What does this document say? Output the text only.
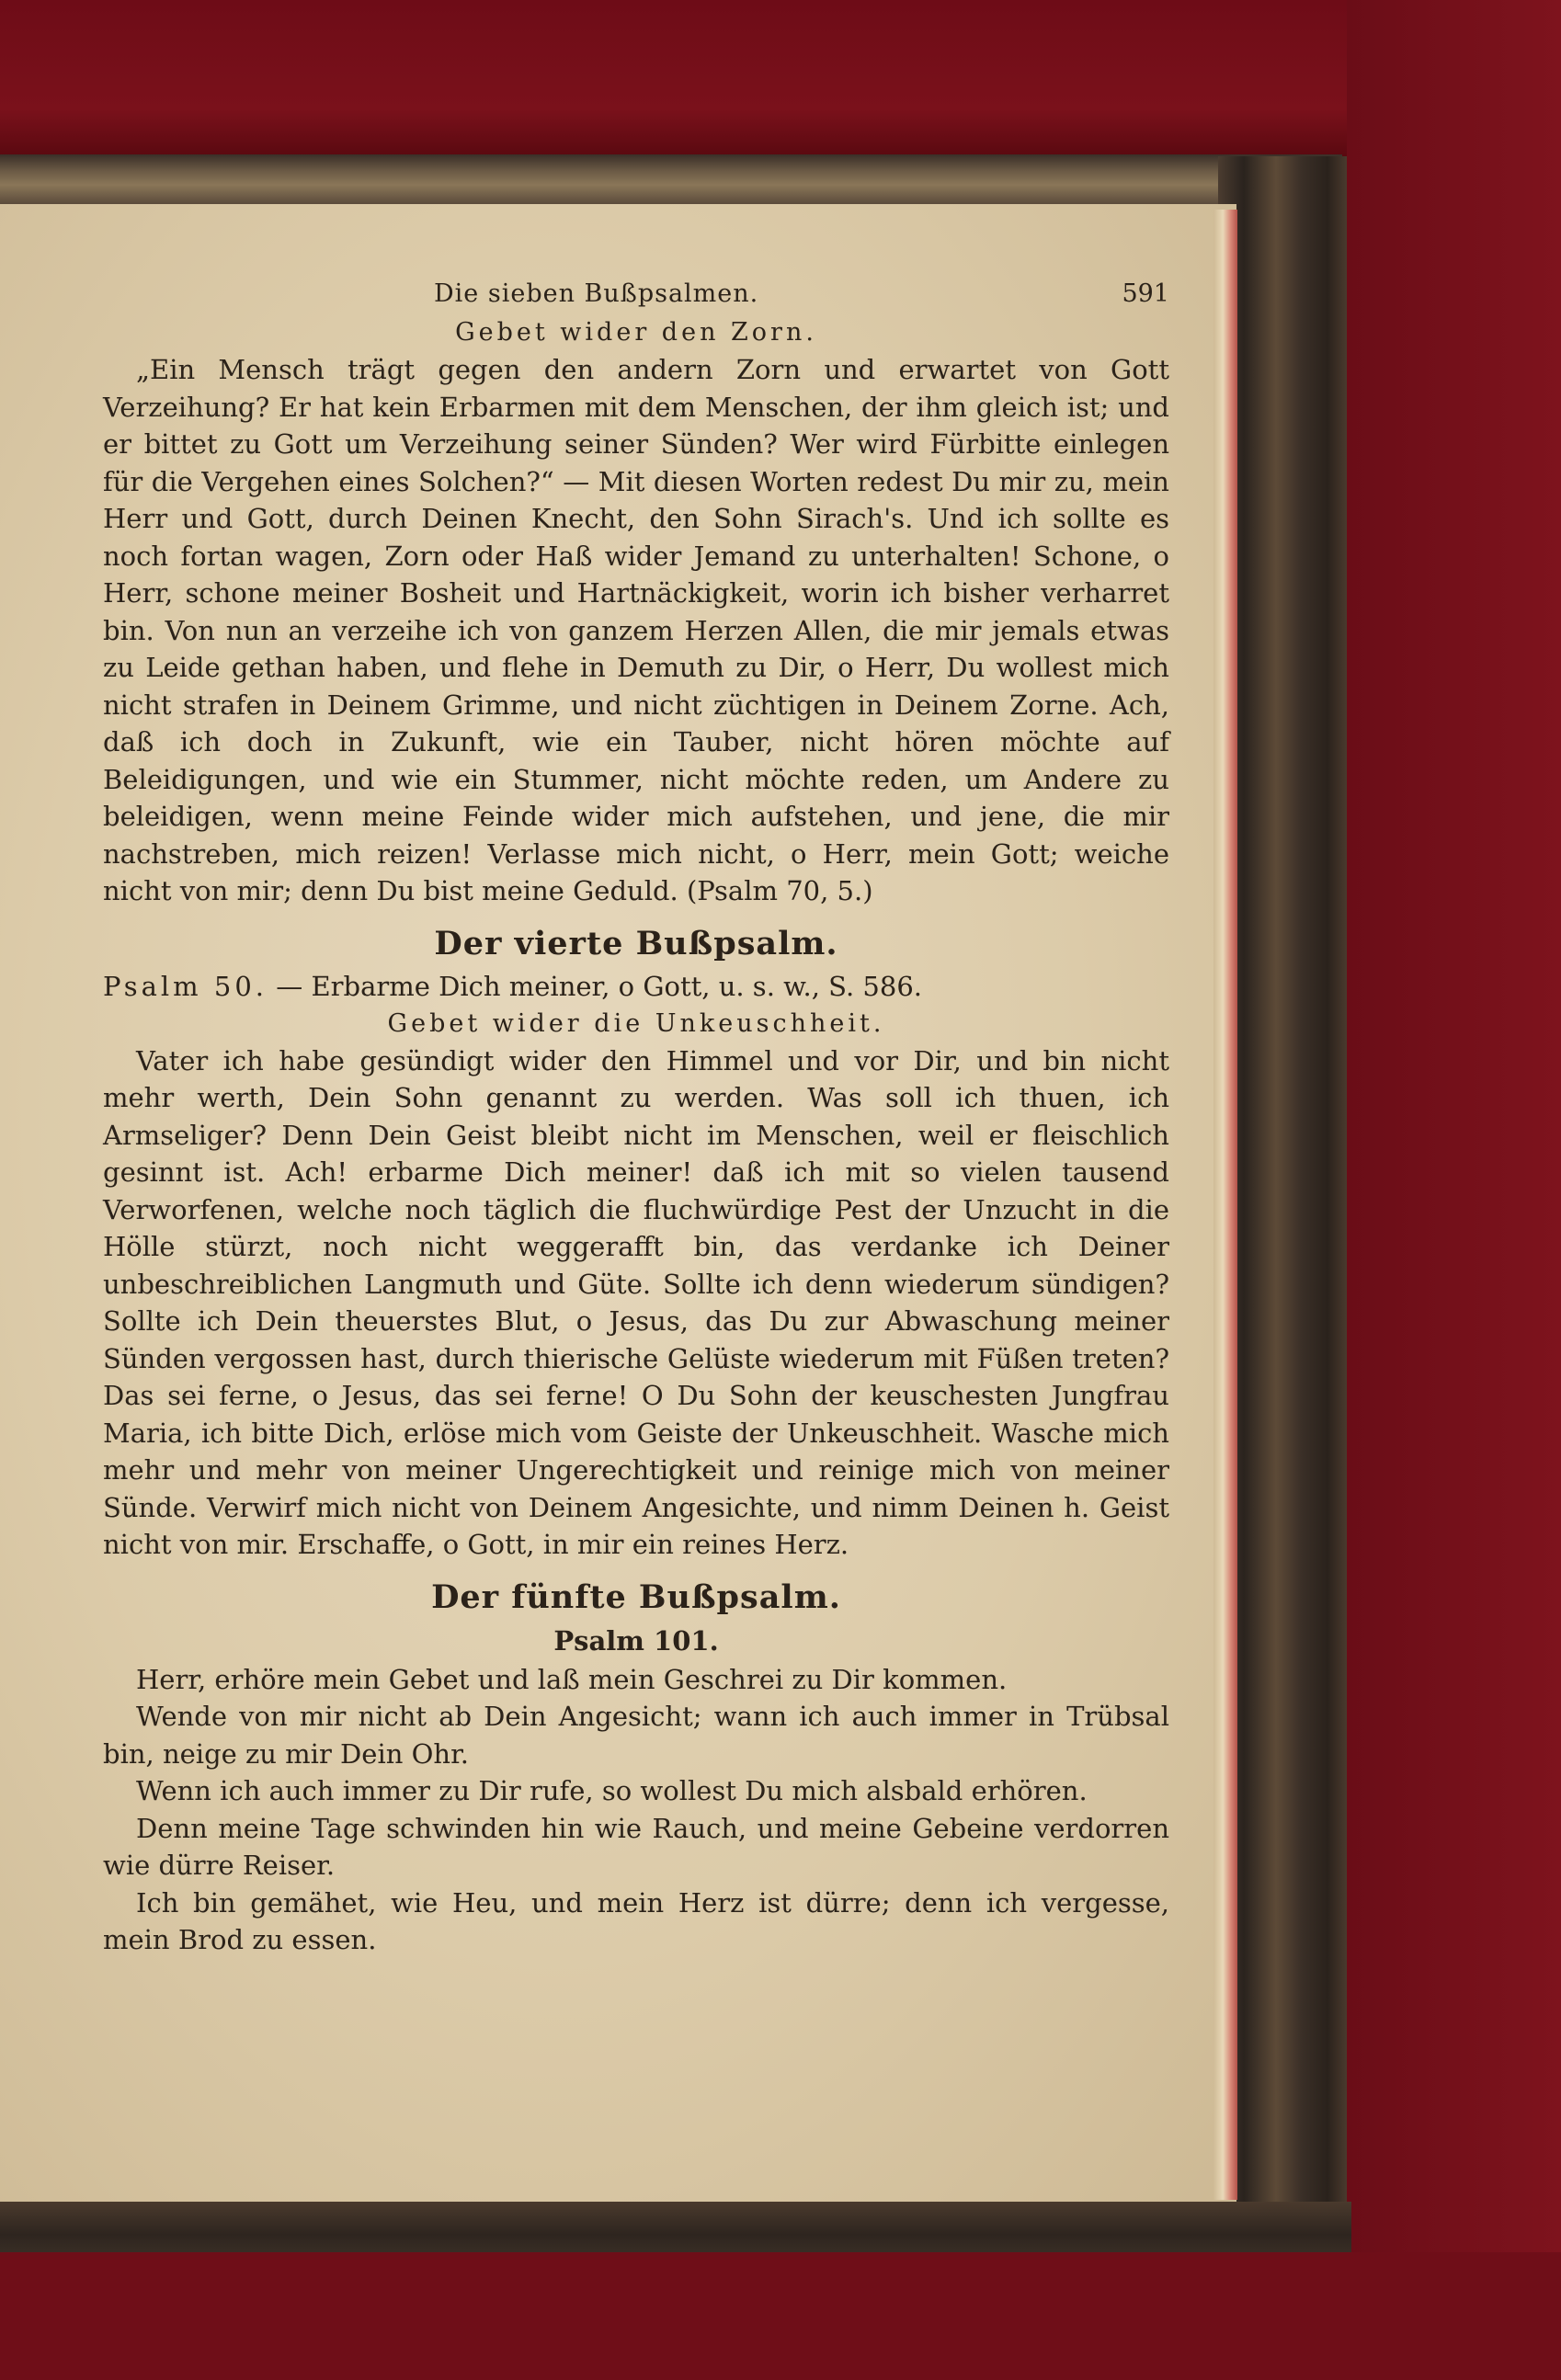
Die sieben Bußpsalmen.	591
Gebet wider den Zorn.

„Ein Mensch trägt gegen den andern Zorn und erwartet von Gott Verzeihung? Er hat kein Erbarmen mit dem Menschen, der ihm gleich ist; und er bittet zu Gott um Verzeihung seiner Sünden? Wer wird Fürbitte einlegen für die Vergehen eines Solchen?“ — Mit diesen Worten redest Du mir zu, mein Herr und Gott, durch Deinen Knecht, den Sohn Sirach's. Und ich sollte es noch fortan wagen, Zorn oder Haß wider Jemand zu unterhalten! Schone, o Herr, schone meiner Bosheit und Hartnäckigkeit, worin ich bisher verharret bin. Von nun an verzeihe ich von ganzem Herzen Allen, die mir jemals etwas zu Leide gethan haben, und flehe in Demuth zu Dir, o Herr, Du wollest mich nicht strafen in Deinem Grimme, und nicht züchtigen in Deinem Zorne. Ach, daß ich doch in Zukunft, wie ein Tauber, nicht hören möchte auf Beleidigungen, und wie ein Stummer, nicht möchte reden, um Andere zu beleidigen, wenn meine Feinde wider mich aufstehen, und jene, die mir nachstreben, mich reizen! Verlasse mich nicht, o Herr, mein Gott; weiche nicht von mir; denn Du bist meine Geduld. (Psalm 70, 5.)

Der vierte Bußpsalm.
Psalm 50. — Erbarme Dich meiner, o Gott, u. s. w., S. 586.
Gebet wider die Unkeuschheit.

Vater ich habe gesündigt wider den Himmel und vor Dir, und bin nicht mehr werth, Dein Sohn genannt zu werden. Was soll ich thuen, ich Armseliger? Denn Dein Geist bleibt nicht im Menschen, weil er fleischlich gesinnt ist. Ach! erbarme Dich meiner! daß ich mit so vielen tausend Verworfenen, welche noch täglich die fluchwürdige Pest der Unzucht in die Hölle stürzt, noch nicht weggerafft bin, das verdanke ich Deiner unbeschreiblichen Langmuth und Güte. Sollte ich denn wiederum sündigen? Sollte ich Dein theuerstes Blut, o Jesus, das Du zur Abwaschung meiner Sünden vergossen hast, durch thierische Gelüste wiederum mit Füßen treten? Das sei ferne, o Jesus, das sei ferne! O Du Sohn der keuschesten Jungfrau Maria, ich bitte Dich, erlöse mich vom Geiste der Unkeuschheit. Wasche mich mehr und mehr von meiner Ungerechtigkeit und reinige mich von meiner Sünde. Verwirf mich nicht von Deinem Angesichte, und nimm Deinen h. Geist nicht von mir. Erschaffe, o Gott, in mir ein reines Herz.

Der fünfte Bußpsalm.
Psalm 101.

Herr, erhöre mein Gebet und laß mein Geschrei zu Dir kommen.

Wende von mir nicht ab Dein Angesicht; wann ich auch immer in Trübsal bin, neige zu mir Dein Ohr.

Wenn ich auch immer zu Dir rufe, so wollest Du mich alsbald erhören.

Denn meine Tage schwinden hin wie Rauch, und meine Gebeine verdorren wie dürre Reiser.

Ich bin gemähet, wie Heu, und mein Herz ist dürre; denn ich vergesse, mein Brod zu essen.
